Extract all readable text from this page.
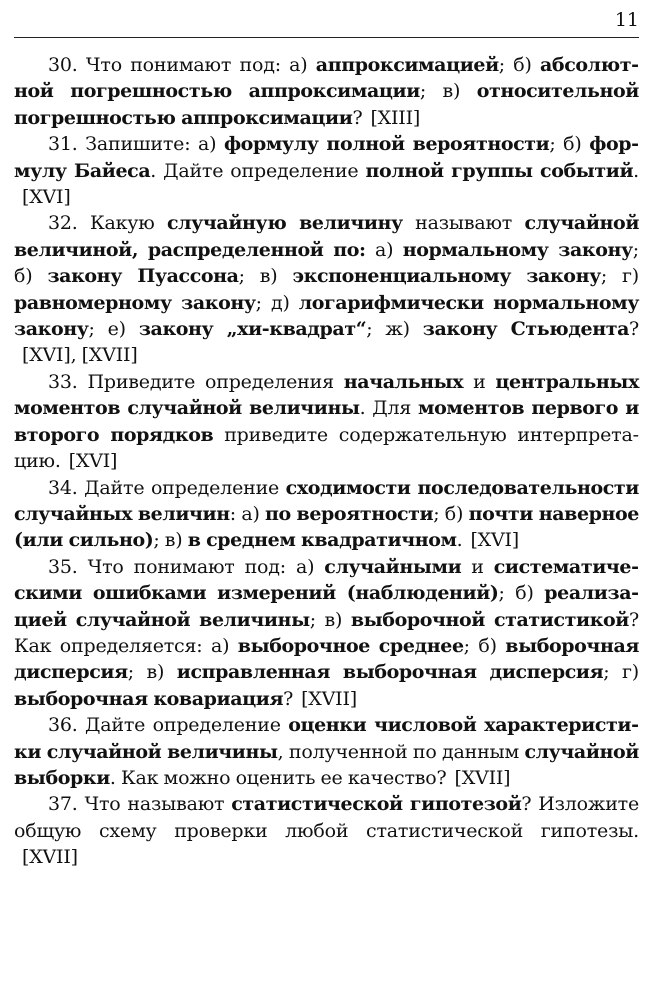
11

30. Что понимают под: а) аппроксимацией; б) абсолютной погрешностью аппроксимации; в) относительной погрешностью аппроксимации? [XIII]

31. Запишите: а) формулу полной вероятности; б) формулу Байеса. Дайте определение полной группы событий.[XVI]

32. Какую случайную величину называют случайной величиной, распределенной по: а) нормальному закону; б) закону Пуассона; в) экспоненциальному закону; г) равномерному закону; д) логарифмически нормальному закону; е) закону „хи-квадрат“; ж) закону Стьюдента?[XVI], [XVII]

33. Приведите определения начальных и центральных моментов случайной величины. Для моментов первого и второго порядков приведите содержательную интерпретацию. [XVI]

34. Дайте определение сходимости последовательности случайных величин: а) по вероятности; б) почти наверное (или сильно); в) в среднем квадратичном. [XVI]

35. Что понимают под: а) случайными и систематическими ошибками измерений (наблюдений); б) реализацией случайной величины; в) выборочной статистикой? Как определяется: а) выборочное среднее; б) выборочная дисперсия; в) исправленная выборочная дисперсия; г) выборочная ковариация? [XVII]

36. Дайте определение оценки числовой характеристики случайной величины, полученной по данным случайной выборки. Как можно оценить ее качество? [XVII]

37. Что называют статистической гипотезой? Изложите общую схему проверки любой статистической гипотезы.[XVII]
